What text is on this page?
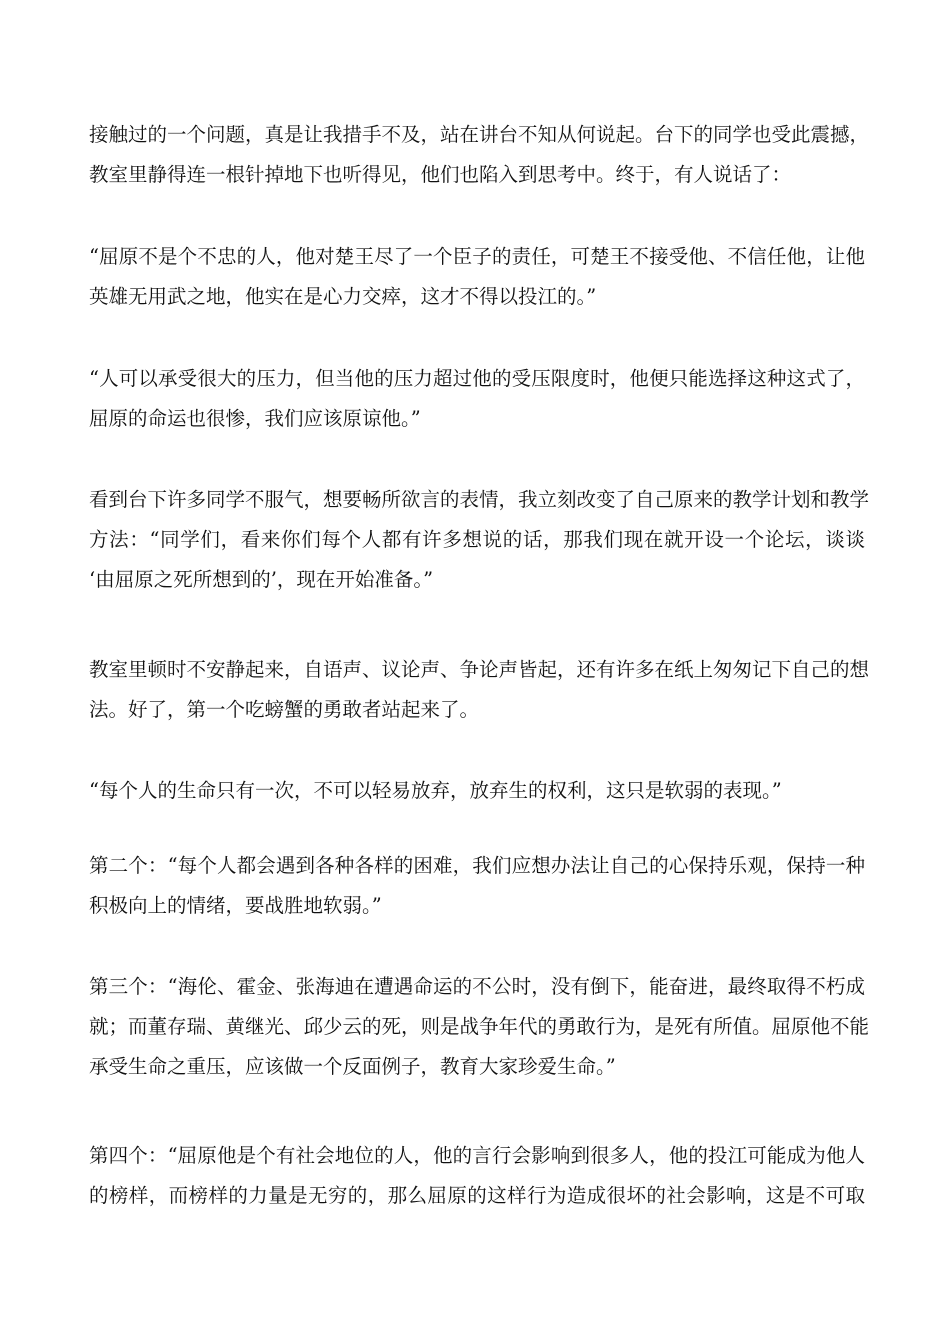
接触过的一个问题，真是让我措手不及，站在讲台不知从何说起。台下的同学也受此震撼，
教室里静得连一根针掉地下也听得见，他们也陷入到思考中。终于，有人说话了：
“屈原不是个不忠的人，他对楚王尽了一个臣子的责任，可楚王不接受他、不信任他，让他
英雄无用武之地，他实在是心力交瘁，这才不得以投江的。”
“人可以承受很大的压力，但当他的压力超过他的受压限度时，他便只能选择这种这式了，
屈原的命运也很惨，我们应该原谅他。”
看到台下许多同学不服气，想要畅所欲言的表情，我立刻改变了自己原来的教学计划和教学
方法：“同学们，看来你们每个人都有许多想说的话，那我们现在就开设一个论坛，谈谈
‘由屈原之死所想到的’，现在开始准备。”
教室里顿时不安静起来，自语声、议论声、争论声皆起，还有许多在纸上匆匆记下自己的想
法。好了，第一个吃螃蟹的勇敢者站起来了。
“每个人的生命只有一次，不可以轻易放弃，放弃生的权利，这只是软弱的表现。”
第二个：“每个人都会遇到各种各样的困难，我们应想办法让自己的心保持乐观，保持一种
积极向上的情绪，要战胜地软弱。”
第三个：“海伦、霍金、张海迪在遭遇命运的不公时，没有倒下，能奋进，最终取得不朽成
就；而董存瑞、黄继光、邱少云的死，则是战争年代的勇敢行为，是死有所值。屈原他不能
承受生命之重压，应该做一个反面例子，教育大家珍爱生命。”
第四个：“屈原他是个有社会地位的人，他的言行会影响到很多人，他的投江可能成为他人
的榜样，而榜样的力量是无穷的，那么屈原的这样行为造成很坏的社会影响，这是不可取
